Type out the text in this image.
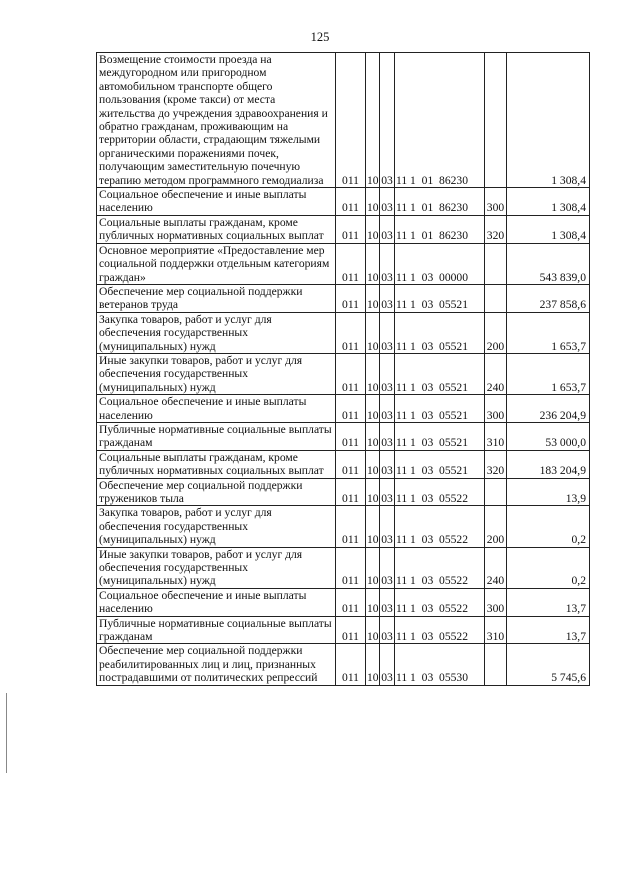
125
Возмещение стоимости проезда на междугородном или пригородном автомобильном транспорте общего пользования (кроме такси) от места жительства до учреждения здравоохранения и обратно гражданам, проживающим на территории области, страдающим тяжелыми органическими поражениями почек, получающим заместительную почечную терапию методом программного гемодиализа	011	10	03	11 1  01  86230		1 308,4
Социальное обеспечение и иные выплаты населению	011	10	03	11 1  01  86230	300	1 308,4
Социальные выплаты гражданам, кроме публичных нормативных социальных выплат	011	10	03	11 1  01  86230	320	1 308,4
Основное мероприятие «Предоставление мер социальной поддержки отдельным категориям граждан»	011	10	03	11 1  03  00000		543 839,0
Обеспечение мер социальной поддержки ветеранов труда	011	10	03	11 1  03  05521		237 858,6
Закупка товаров, работ и услуг для обеспечения государственных (муниципальных) нужд	011	10	03	11 1  03  05521	200	1 653,7
Иные закупки товаров, работ и услуг для обеспечения государственных (муниципальных) нужд	011	10	03	11 1  03  05521	240	1 653,7
Социальное обеспечение и иные выплаты населению	011	10	03	11 1  03  05521	300	236 204,9
Публичные нормативные социальные выплаты гражданам	011	10	03	11 1  03  05521	310	53 000,0
Социальные выплаты гражданам, кроме публичных нормативных социальных выплат	011	10	03	11 1  03  05521	320	183 204,9
Обеспечение мер социальной поддержки тружеников тыла	011	10	03	11 1  03  05522		13,9
Закупка товаров, работ и услуг для обеспечения государственных (муниципальных) нужд	011	10	03	11 1  03  05522	200	0,2
Иные закупки товаров, работ и услуг для обеспечения государственных (муниципальных) нужд	011	10	03	11 1  03  05522	240	0,2
Социальное обеспечение и иные выплаты населению	011	10	03	11 1  03  05522	300	13,7
Публичные нормативные социальные выплаты гражданам	011	10	03	11 1  03  05522	310	13,7
Обеспечение мер социальной поддержки реабилитированных лиц и лиц, признанных пострадавшими от политических репрессий	011	10	03	11 1  03  05530		5 745,6
